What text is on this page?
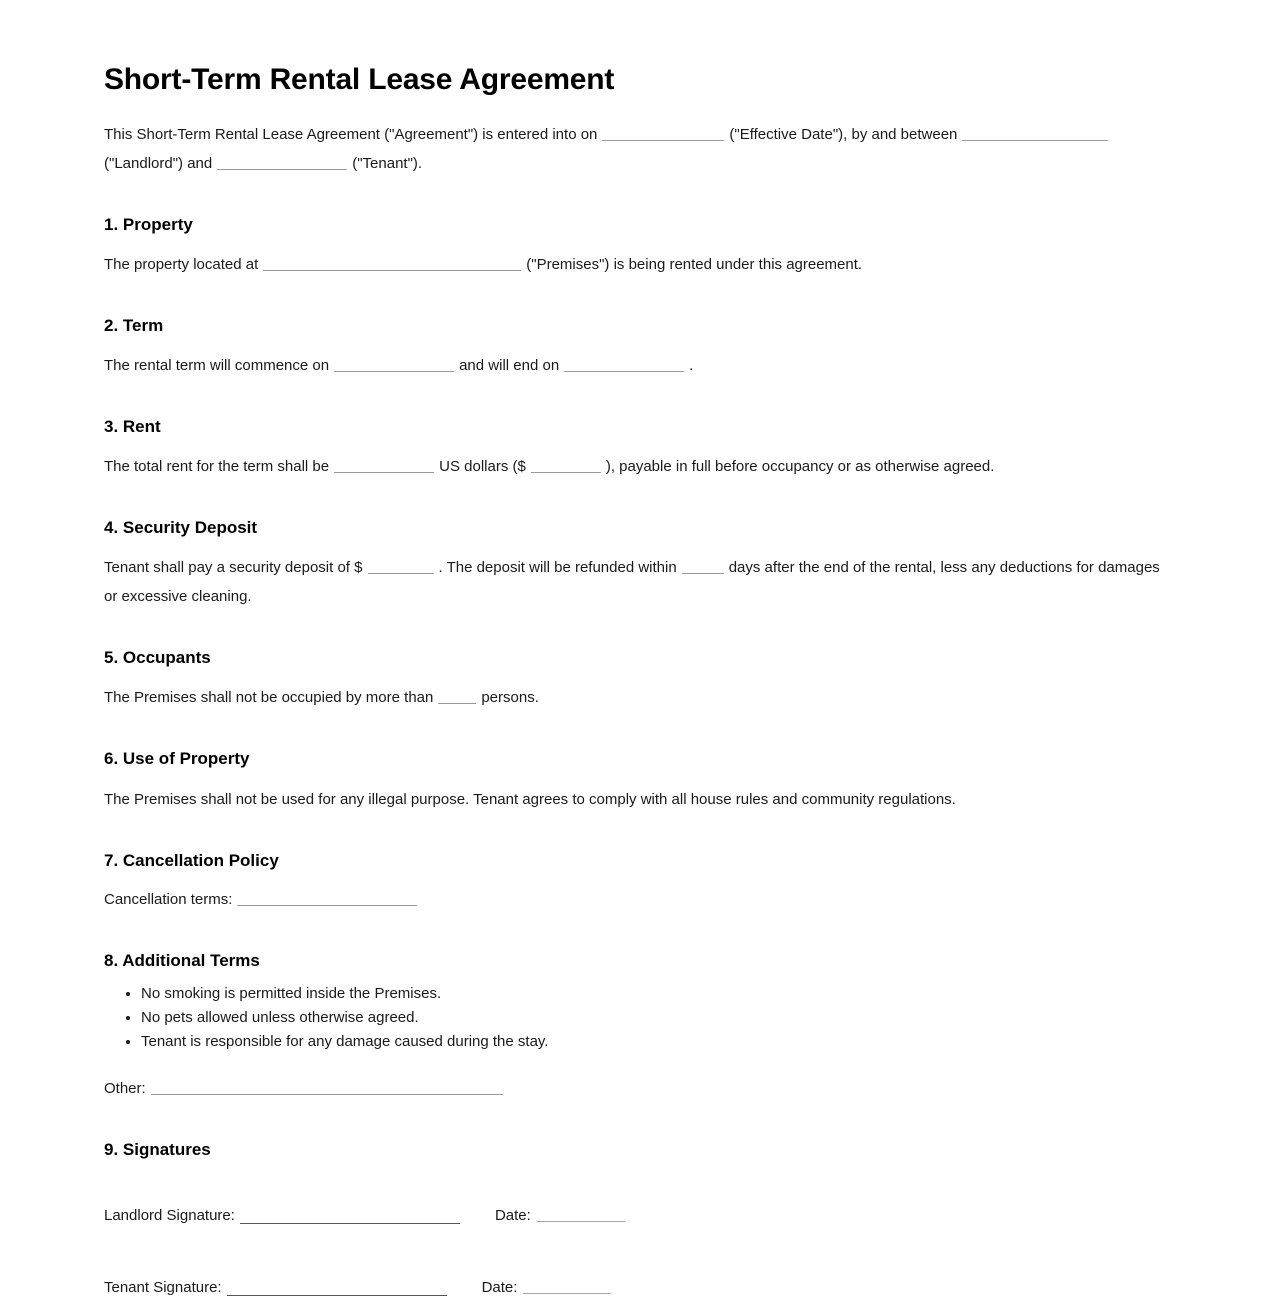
Short-Term Rental Lease Agreement

This Short-Term Rental Lease Agreement ("Agreement") is entered into on	("Effective Date"), by and between
("Landlord") and	("Tenant").

1. Property

The property located at	("Premises") is being rented under this agreement.

2. Term

The rental term will commence on	and will end on	.

3. Rent

The total rent for the term shall be	US dollars ($	), payable in full before occupancy or as otherwise agreed.

4. Security Deposit

Tenant shall pay a security deposit of $	. The deposit will be refunded within	days after the end of the rental, less any deductions for damages or excessive cleaning.

5. Occupants

The Premises shall not be occupied by more than	persons.

6. Use of Property

The Premises shall not be used for any illegal purpose. Tenant agrees to comply with all house rules and community regulations.

7. Cancellation Policy

Cancellation terms:

8. Additional Terms
• No smoking is permitted inside the Premises.
• No pets allowed unless otherwise agreed.
• Tenant is responsible for any damage caused during the stay.

Other:

9. Signatures
Landlord Signature:	Date:
Tenant Signature:	Date:
